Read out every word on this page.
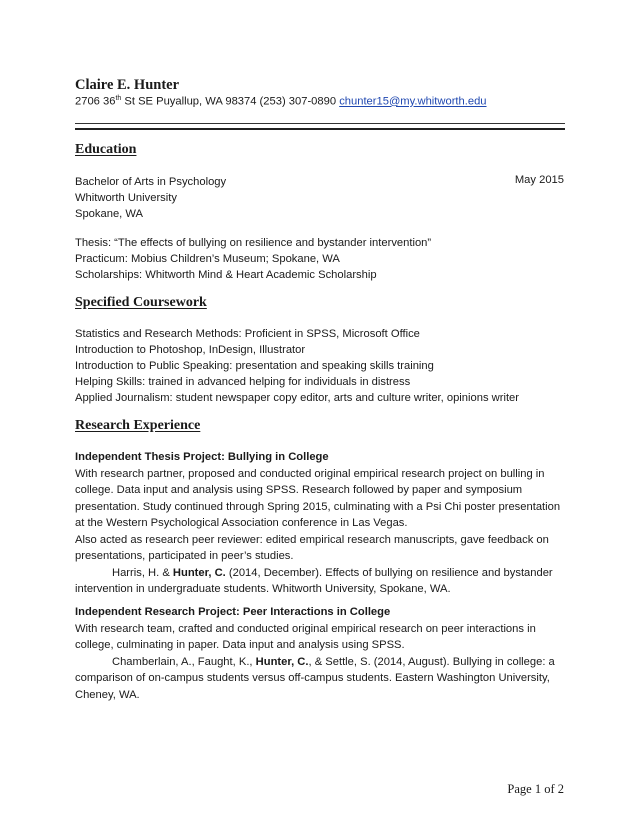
Claire E. Hunter
2706 36th St SE Puyallup, WA 98374 (253) 307-0890 chunter15@my.whitworth.edu
Education
Bachelor of Arts in Psychology	May 2015
Whitworth University
Spokane, WA
Thesis: “The effects of bullying on resilience and bystander intervention”
Practicum: Mobius Children’s Museum; Spokane, WA
Scholarships: Whitworth Mind & Heart Academic Scholarship
Specified Coursework
Statistics and Research Methods: Proficient in SPSS, Microsoft Office
Introduction to Photoshop, InDesign, Illustrator
Introduction to Public Speaking: presentation and speaking skills training
Helping Skills: trained in advanced helping for individuals in distress
Applied Journalism: student newspaper copy editor, arts and culture writer, opinions writer
Research Experience

Independent Thesis Project: Bullying in College

With research partner, proposed and conducted original empirical research project on bulling in college. Data input and analysis using SPSS. Research followed by paper and symposium presentation. Study continued through Spring 2015, culminating with a Psi Chi poster presentation at the Western Psychological Association conference in Las Vegas.

Also acted as research peer reviewer: edited empirical research manuscripts, gave feedback on presentations, participated in peer’s studies.

Harris, H. & Hunter, C. (2014, December). Effects of bullying on resilience and bystander intervention in undergraduate students. Whitworth University, Spokane, WA.

Independent Research Project: Peer Interactions in College

With research team, crafted and conducted original empirical research on peer interactions in college, culminating in paper. Data input and analysis using SPSS.

Chamberlain, A., Faught, K., Hunter, C., & Settle, S. (2014, August). Bullying in college: a comparison of on-campus students versus off-campus students. Eastern Washington University, Cheney, WA.

Page 1 of 2
